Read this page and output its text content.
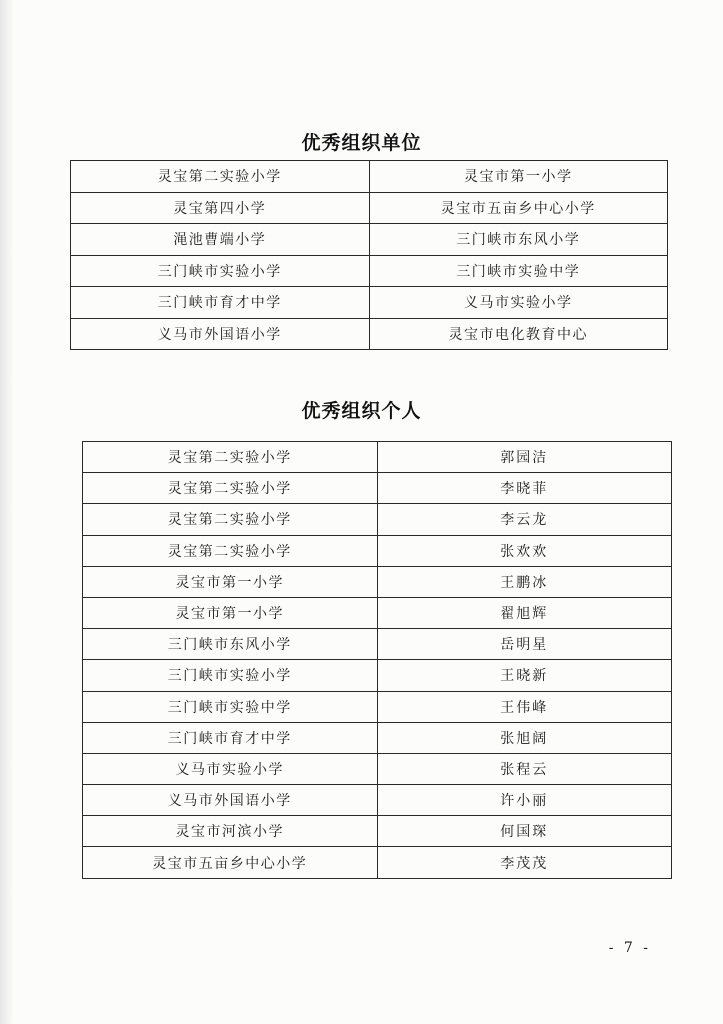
优秀组织单位
灵宝第二实验小学	灵宝市第一小学
灵宝第四小学	灵宝市五亩乡中心小学
渑池曹端小学	三门峡市东风小学
三门峡市实验小学	三门峡市实验中学
三门峡市育才中学	义马市实验小学
义马市外国语小学	灵宝市电化教育中心
优秀组织个人
灵宝第二实验小学	郭园洁
灵宝第二实验小学	李晓菲
灵宝第二实验小学	李云龙
灵宝第二实验小学	张欢欢
灵宝市第一小学	王鹏冰
灵宝市第一小学	翟旭辉
三门峡市东风小学	岳明星
三门峡市实验小学	王晓新
三门峡市实验中学	王伟峰
三门峡市育才中学	张旭阔
义马市实验小学	张程云
义马市外国语小学	许小丽
灵宝市河滨小学	何国琛
灵宝市五亩乡中心小学	李茂茂
- 7 -
